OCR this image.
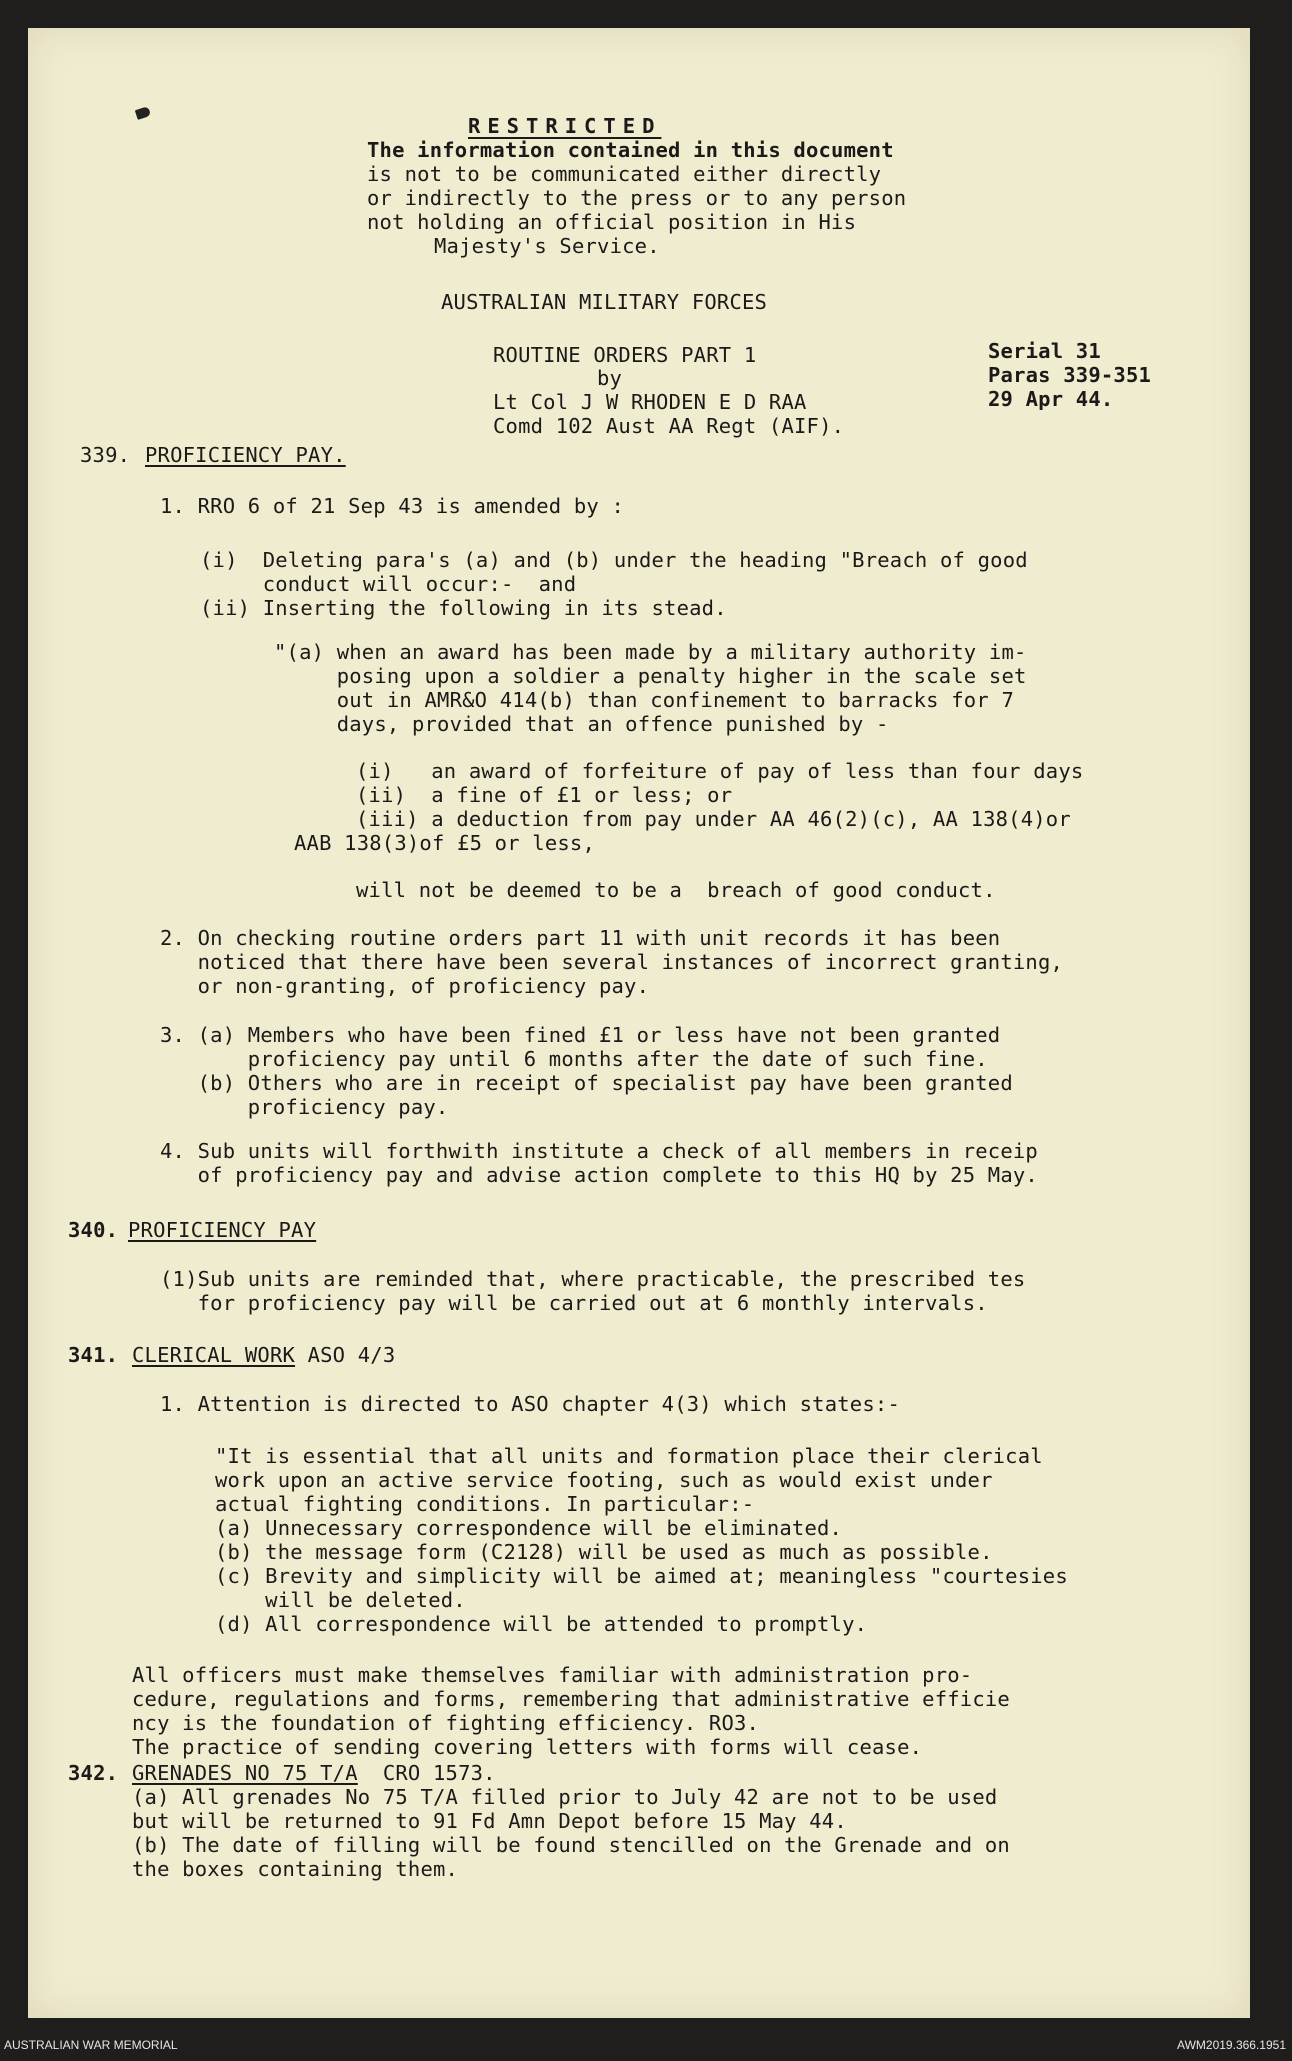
RESTRICTED
The information contained in this document
is not to be communicated either directly
or indirectly to the press or to any person
not holding an official position in His
Majesty's Service.
AUSTRALIAN MILITARY FORCES
ROUTINE ORDERS PART 1
by
Lt Col J W RHODEN E D RAA
Comd 102 Aust AA Regt (AIF).
Serial 31
Paras 339-351
29 Apr 44.
339. PROFICIENCY PAY.
1. RRO 6 of 21 Sep 43 is amended by :
(i)  Deleting para's (a) and (b) under the heading "Breach of good
conduct will occur:-  and
(ii) Inserting the following in its stead.
"(a) when an award has been made by a military authority im-
posing upon a soldier a penalty higher in the scale set
out in AMR&O 414(b) than confinement to barracks for 7
days, provided that an offence punished by -
(i)   an award of forfeiture of pay of less than four days
(ii)  a fine of £1 or less; or
(iii) a deduction from pay under AA 46(2)(c), AA 138(4)or
AAB 138(3)of £5 or less,
will not be deemed to be a  breach of good conduct.
2. On checking routine orders part 11 with unit records it has been
noticed that there have been several instances of incorrect granting,
or non-granting, of proficiency pay.
3. (a) Members who have been fined £1 or less have not been granted
proficiency pay until 6 months after the date of such fine.
(b) Others who are in receipt of specialist pay have been granted
proficiency pay.
4. Sub units will forthwith institute a check of all members in receip
of proficiency pay and advise action complete to this HQ by 25 May.
340. PROFICIENCY PAY
(1)Sub units are reminded that, where practicable, the prescribed tes
for proficiency pay will be carried out at 6 monthly intervals.
341. CLERICAL WORK ASO 4/3
1. Attention is directed to ASO chapter 4(3) which states:-
"It is essential that all units and formation place their clerical
work upon an active service footing, such as would exist under
actual fighting conditions. In particular:-
(a) Unnecessary correspondence will be eliminated.
(b) the message form (C2128) will be used as much as possible.
(c) Brevity and simplicity will be aimed at; meaningless "courtesies
will be deleted.
(d) All correspondence will be attended to promptly.
All officers must make themselves familiar with administration pro-
cedure, regulations and forms, remembering that administrative efficie
ncy is the foundation of fighting efficiency. RO3.
The practice of sending covering letters with forms will cease.
342. GRENADES NO 75 T/A  CRO 1573.
(a) All grenades No 75 T/A filled prior to July 42 are not to be used
but will be returned to 91 Fd Amn Depot before 15 May 44.
(b) The date of filling will be found stencilled on the Grenade and on
the boxes containing them.
AUSTRALIAN WAR MEMORIAL	AWM2019.366.1951
